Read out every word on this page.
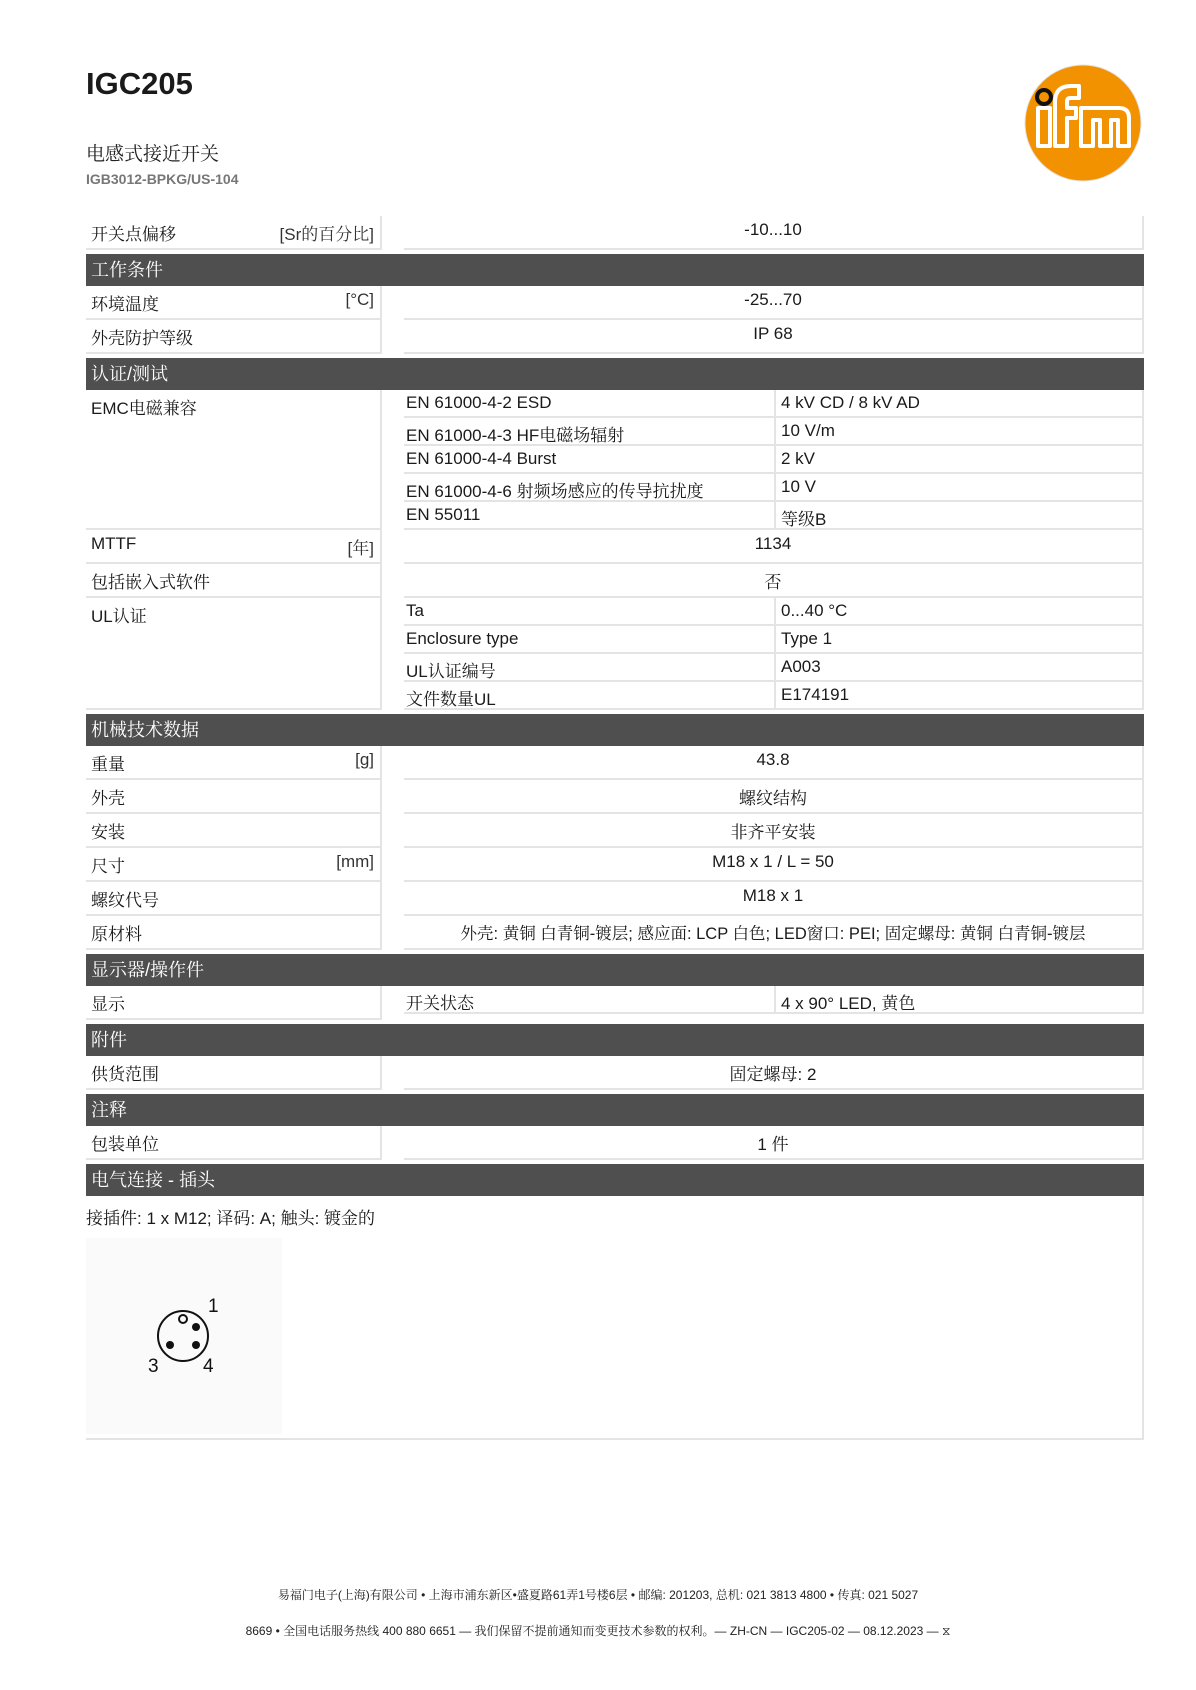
IGC205
电感式接近开关
IGB3012-BPKG/US-104
开关点偏移	[Sr的百分比]	-10...10
工作条件
环境温度	[°C]	-25...70
外壳防护等级	IP 68
认证/测试
EMC电磁兼容	EN 61000-4-2 ESD	4 kV CD / 8 kV AD
EN 61000-4-3 HF电磁场辐射	10 V/m
EN 61000-4-4 Burst	2 kV
EN 61000-4-6 射频场感应的传导抗扰度	10 V
EN 55011	等级B
MTTF	[年]	1134
包括嵌入式软件	否
UL认证	Ta	0...40 °C
Enclosure type	Type 1
UL认证编号	A003
文件数量UL	E174191
机械技术数据
重量	[g]	43.8
外壳	螺纹结构
安装	非齐平安装
尺寸	[mm]	M18 x 1 / L = 50
螺纹代号	M18 x 1
原材料	外壳: 黄铜 白青铜-镀层; 感应面: LCP 白色; LED窗口: PEI; 固定螺母: 黄铜 白青铜-镀层
显示器/操作件
显示	开关状态	4 x 90° LED, 黄色
附件
供货范围	固定螺母: 2
注释
包装单位	1 件
电气连接 - 插头
接插件: 1 x M12; 译码: A; 触头: 镀金的
1
3 4
易福门电子(上海)有限公司 • 上海市浦东新区•盛夏路61弄1号楼6层 • 邮编: 201203, 总机: 021 3813 4800 • 传真: 021 5027
8669 • 全国电话服务热线 400 880 6651 — 我们保留不提前通知而变更技术参数的权利。— ZH-CN — IGC205-02 — 08.12.2023 — ⧖
